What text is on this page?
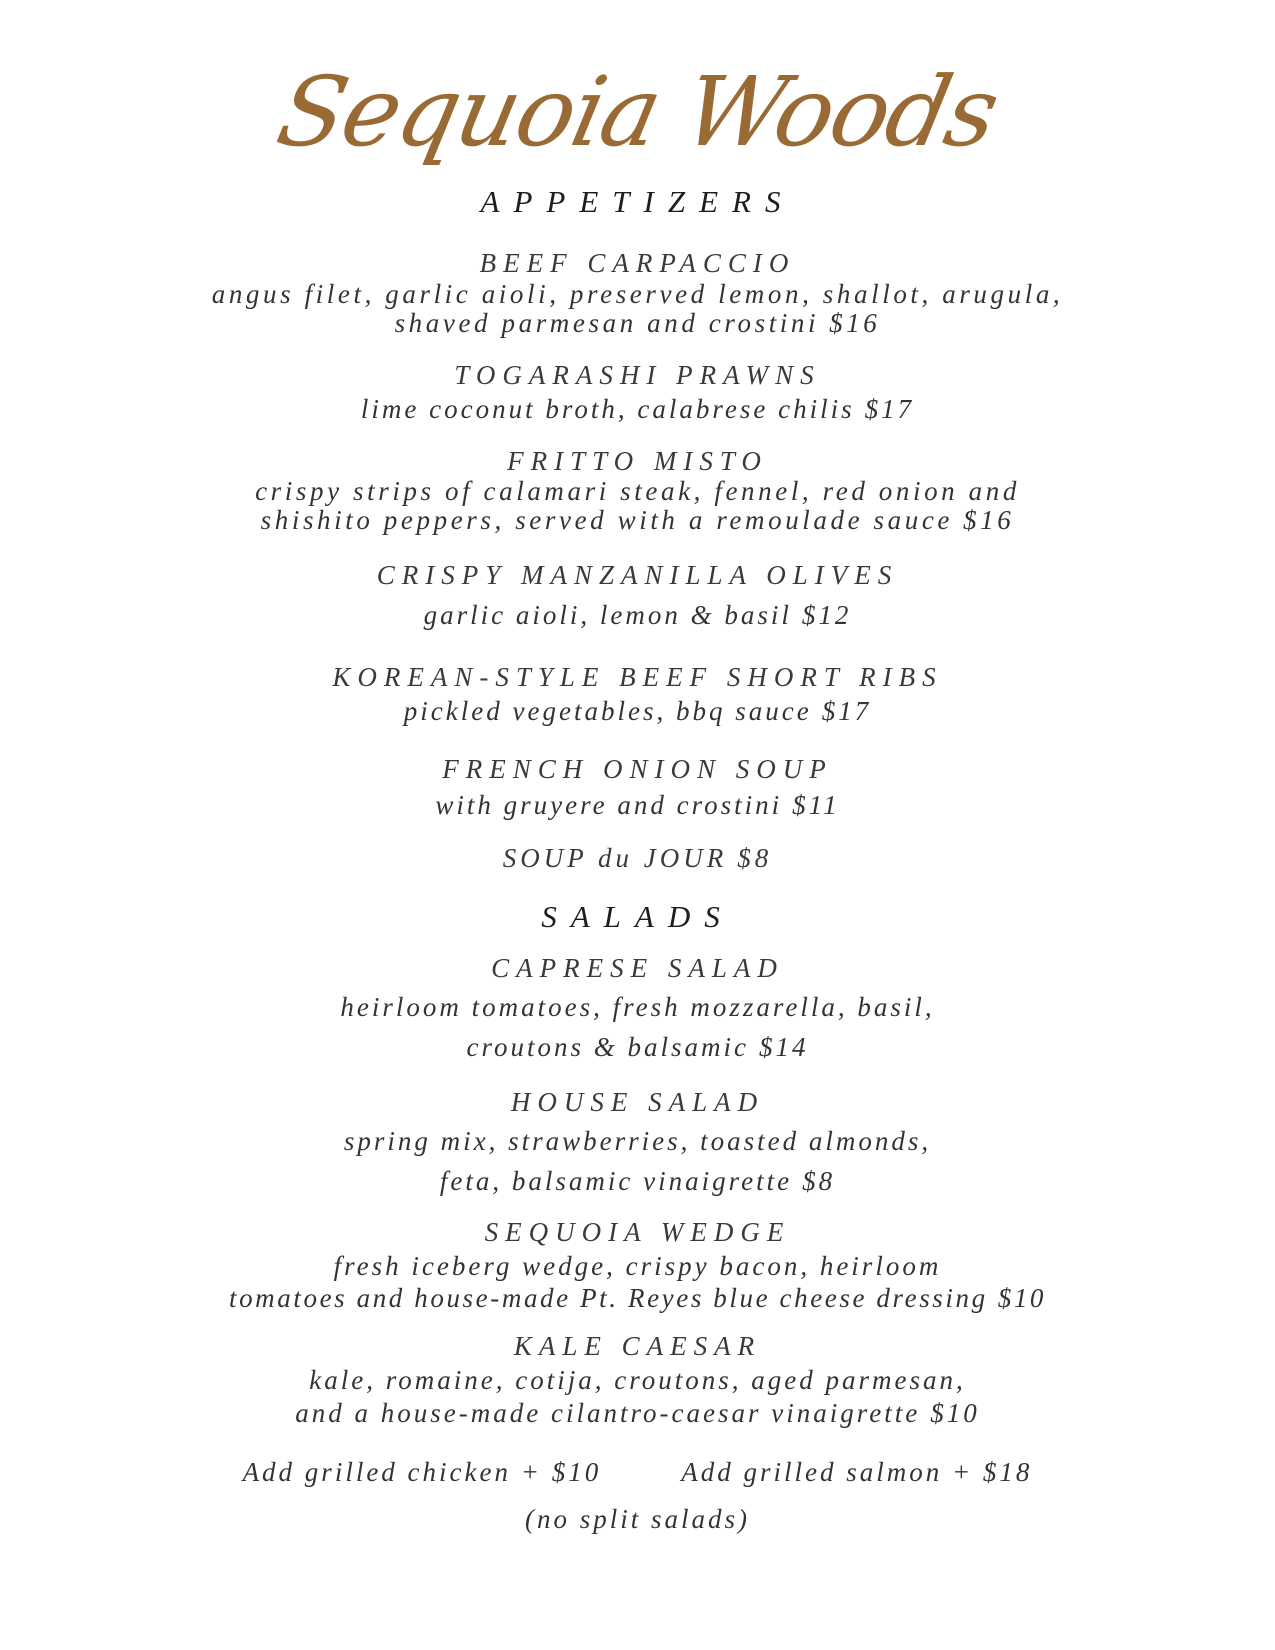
Sequoia Woods
APPETIZERS
BEEF CARPACCIO
angus filet, garlic aioli, preserved lemon, shallot, arugula,
shaved parmesan and crostini $16
TOGARASHI PRAWNS
lime coconut broth, calabrese chilis $17
FRITTO MISTO
crispy strips of calamari steak, fennel, red onion and
shishito peppers, served with a remoulade sauce $16
CRISPY MANZANILLA OLIVES
garlic aioli, lemon & basil $12
KOREAN-STYLE BEEF SHORT RIBS
pickled vegetables, bbq sauce $17
FRENCH ONION SOUP
with gruyere and crostini $11
SOUP du JOUR $8
SALADS
CAPRESE SALAD
heirloom tomatoes, fresh mozzarella, basil,
croutons & balsamic $14
HOUSE SALAD
spring mix, strawberries, toasted almonds,
feta, balsamic vinaigrette $8
SEQUOIA WEDGE
fresh iceberg wedge, crispy bacon, heirloom
tomatoes and house-made Pt. Reyes blue cheese dressing $10
KALE CAESAR
kale, romaine, cotija, croutons, aged parmesan,
and a house-made cilantro-caesar vinaigrette $10
Add grilled chicken + $10	Add grilled salmon + $18
(no split salads)
